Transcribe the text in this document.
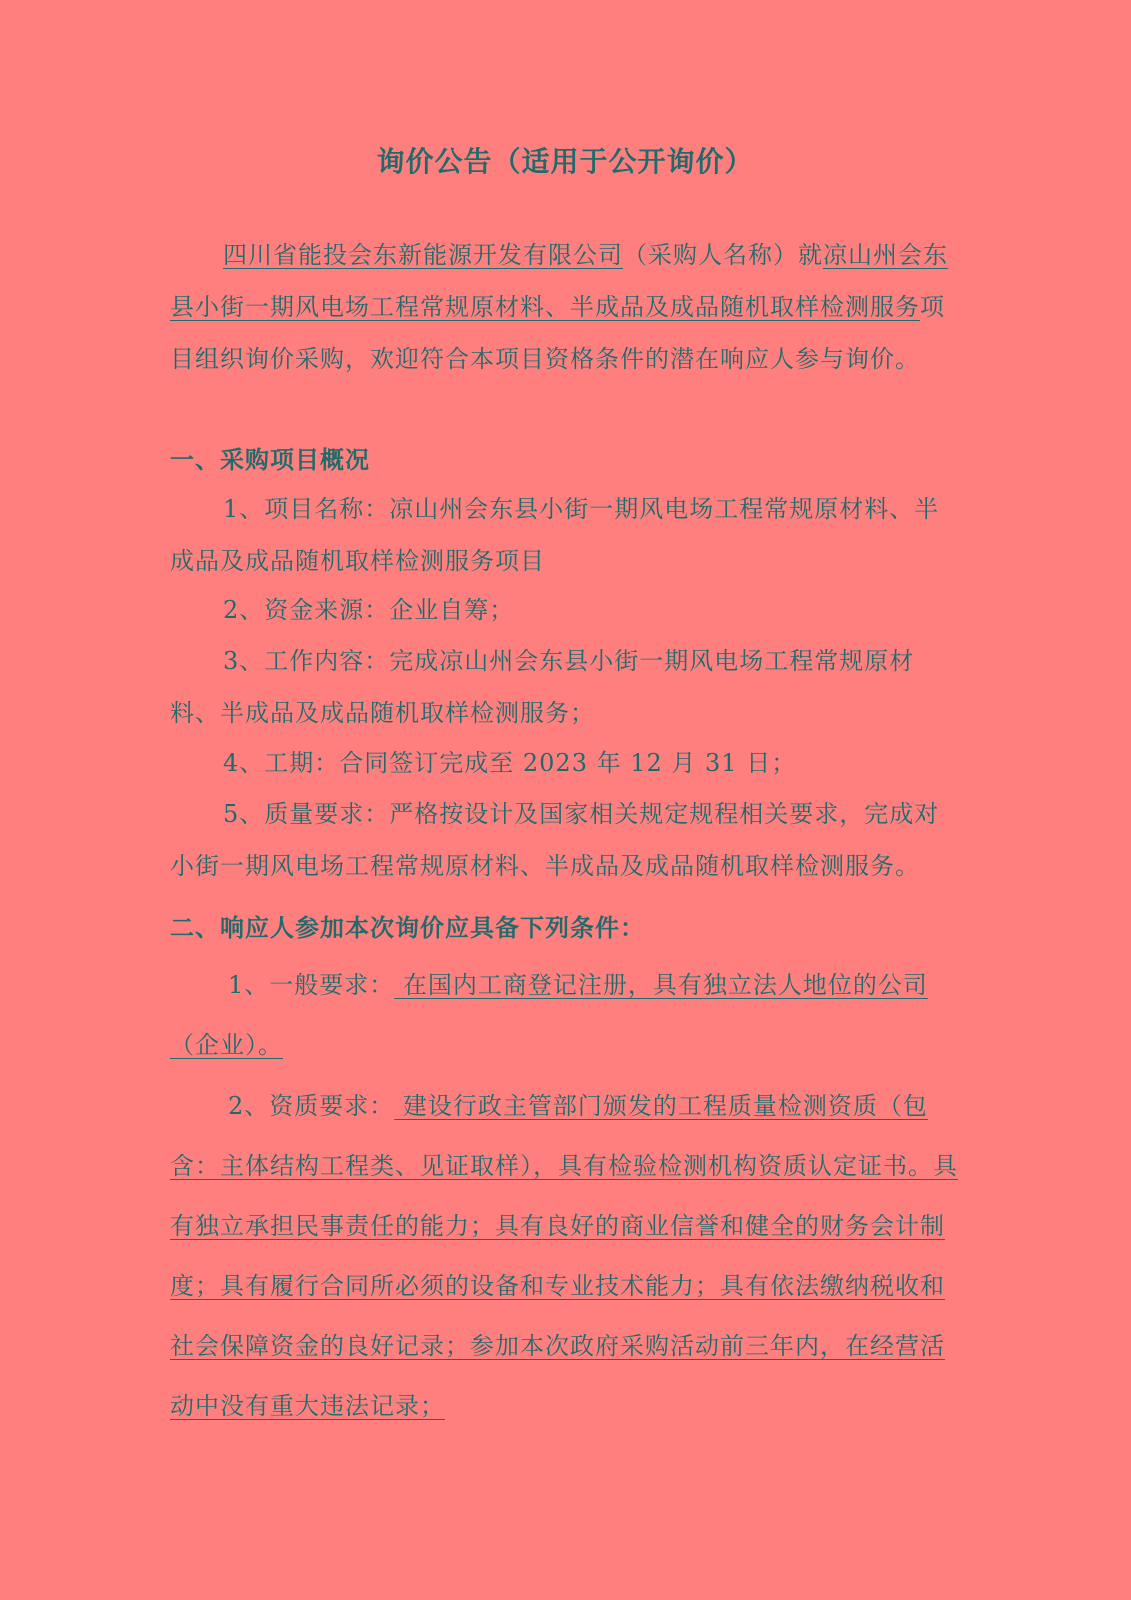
询价公告（适用于公开询价）

四川省能投会东新能源开发有限公司（采购人名称）就凉山州会东县小街一期风电场工程常规原材料、半成品及成品随机取样检测服务项目组织询价采购，欢迎符合本项目资格条件的潜在响应人参与询价。

一、采购项目概况

1、项目名称：凉山州会东县小街一期风电场工程常规原材料、半成品及成品随机取样检测服务项目

2、资金来源：企业自筹；

3、工作内容：完成凉山州会东县小街一期风电场工程常规原材料、半成品及成品随机取样检测服务；

4、工期：合同签订完成至 2023 年 12 月 31 日；

5、质量要求：严格按设计及国家相关规定规程相关要求，完成对小街一期风电场工程常规原材料、半成品及成品随机取样检测服务。

二、响应人参加本次询价应具备下列条件：

1、一般要求： 在国内工商登记注册，具有独立法人地位的公司（企业）。

2、资质要求： 建设行政主管部门颁发的工程质量检测资质（包含：主体结构工程类、见证取样），具有检验检测机构资质认定证书。具有独立承担民事责任的能力；具有良好的商业信誉和健全的财务会计制度；具有履行合同所必须的设备和专业技术能力；具有依法缴纳税收和社会保障资金的良好记录；参加本次政府采购活动前三年内，在经营活动中没有重大违法记录；
